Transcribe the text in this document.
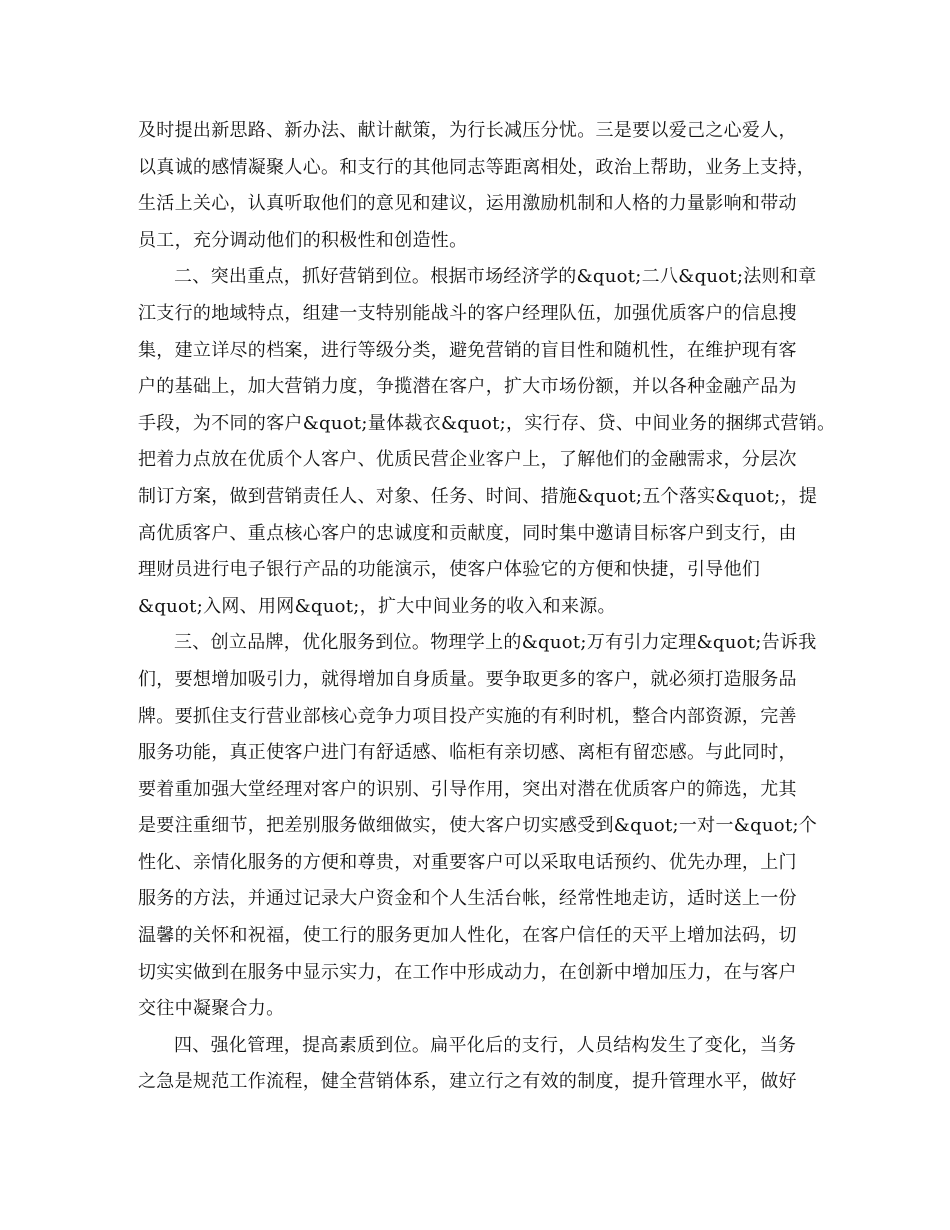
及时提出新思路、新办法、献计献策，为行长减压分忧。三是要以爱己之心爱人，
以真诚的感情凝聚人心。和支行的其他同志等距离相处，政治上帮助，业务上支持，
生活上关心，认真听取他们的意见和建议，运用激励机制和人格的力量影响和带动
员工，充分调动他们的积极性和创造性。
二、突出重点，抓好营销到位。根据市场经济学的&quot;二八&quot;法则和章
江支行的地域特点，组建一支特别能战斗的客户经理队伍，加强优质客户的信息搜
集，建立详尽的档案，进行等级分类，避免营销的盲目性和随机性，在维护现有客
户的基础上，加大营销力度，争揽潜在客户，扩大市场份额，并以各种金融产品为
手段，为不同的客户&quot;量体裁衣&quot;，实行存、贷、中间业务的捆绑式营销。
把着力点放在优质个人客户、优质民营企业客户上，了解他们的金融需求，分层次
制订方案，做到营销责任人、对象、任务、时间、措施&quot;五个落实&quot;，提
高优质客户、重点核心客户的忠诚度和贡献度，同时集中邀请目标客户到支行，由
理财员进行电子银行产品的功能演示，使客户体验它的方便和快捷，引导他们
&quot;入网、用网&quot;，扩大中间业务的收入和来源。
三、创立品牌，优化服务到位。物理学上的&quot;万有引力定理&quot;告诉我
们，要想增加吸引力，就得增加自身质量。要争取更多的客户，就必须打造服务品
牌。要抓住支行营业部核心竞争力项目投产实施的有利时机，整合内部资源，完善
服务功能，真正使客户进门有舒适感、临柜有亲切感、离柜有留恋感。与此同时，
要着重加强大堂经理对客户的识别、引导作用，突出对潜在优质客户的筛选，尤其
是要注重细节，把差别服务做细做实，使大客户切实感受到&quot;一对一&quot;个
性化、亲情化服务的方便和尊贵，对重要客户可以采取电话预约、优先办理，上门
服务的方法，并通过记录大户资金和个人生活台帐，经常性地走访，适时送上一份
温馨的关怀和祝福，使工行的服务更加人性化，在客户信任的天平上增加法码，切
切实实做到在服务中显示实力，在工作中形成动力，在创新中增加压力，在与客户
交往中凝聚合力。
四、强化管理，提高素质到位。扁平化后的支行，人员结构发生了变化，当务
之急是规范工作流程，健全营销体系，建立行之有效的制度，提升管理水平，做好
